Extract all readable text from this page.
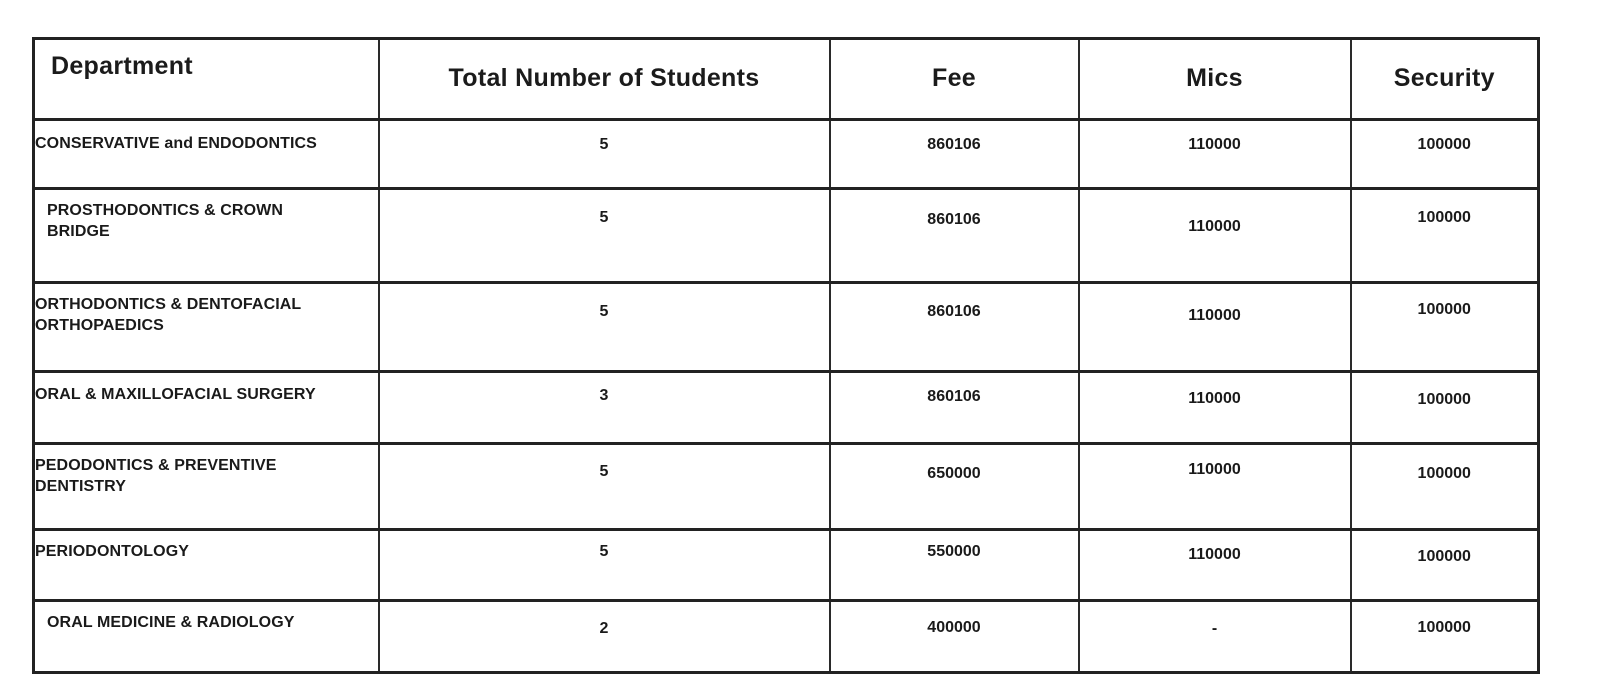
Department	Total Number of Students	Fee	Mics	Security
CONSERVATIVE and ENDODONTICS	5	860106	110000	100000
PROSTHODONTICS & CROWN BRIDGE	5	860106	110000	100000
ORTHODONTICS & DENTOFACIAL ORTHOPAEDICS	5	860106	110000	100000
ORAL & MAXILLOFACIAL SURGERY	3	860106	110000	100000
PEDODONTICS & PREVENTIVE DENTISTRY	5	650000	110000	100000
PERIODONTOLOGY	5	550000	110000	100000
ORAL MEDICINE & RADIOLOGY	2	400000	-	100000
